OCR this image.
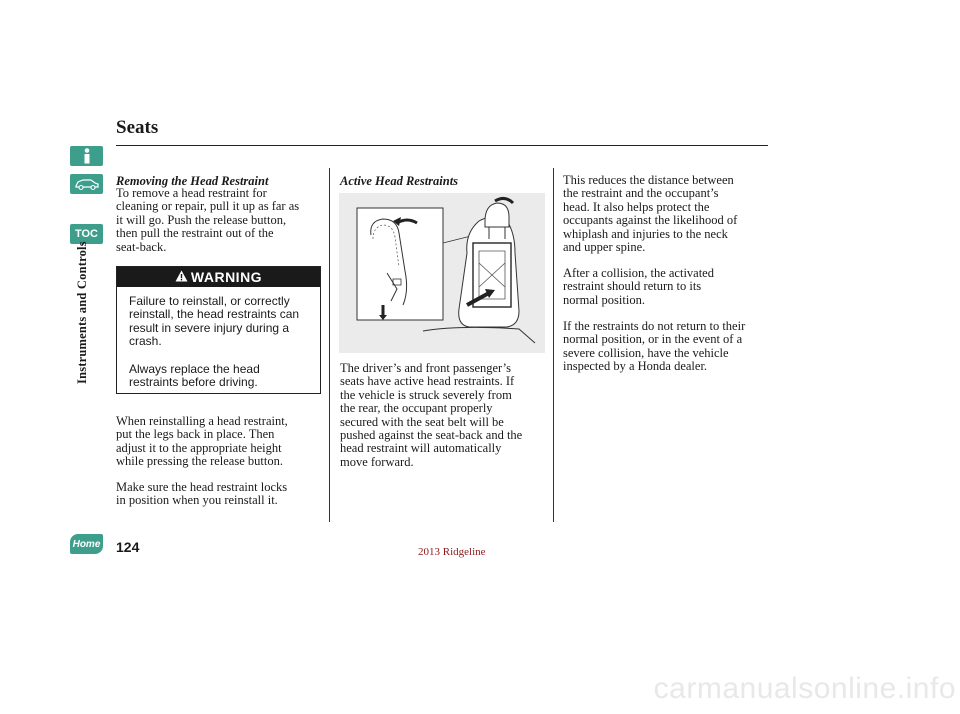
TOC
Home
Instruments and Controls
Seats
Removing the Head Restraint
To remove a head restraint for
cleaning or repair, pull it up as far as
it will go. Push the release button,
then pull the restraint out of the
seat-back.
WARNING
Failure to reinstall, or correctly
reinstall, the head restraints can
result in severe injury during a
crash.
Always replace the head
restraints before driving.
When reinstalling a head restraint,
put the legs back in place. Then
adjust it to the appropriate height
while pressing the release button.
Make sure the head restraint locks
in position when you reinstall it.
Active Head Restraints
The driver’s and front passenger’s
seats have active head restraints. If
the vehicle is struck severely from
the rear, the occupant properly
secured with the seat belt will be
pushed against the seat-back and the
head restraint will automatically
move forward.
This reduces the distance between
the restraint and the occupant’s
head. It also helps protect the
occupants against the likelihood of
whiplash and injuries to the neck
and upper spine.
After a collision, the activated
restraint should return to its
normal position.
If the restraints do not return to their
normal position, or in the event of a
severe collision, have the vehicle
inspected by a Honda dealer.
124	2013 Ridgeline
carmanualsonline.info
